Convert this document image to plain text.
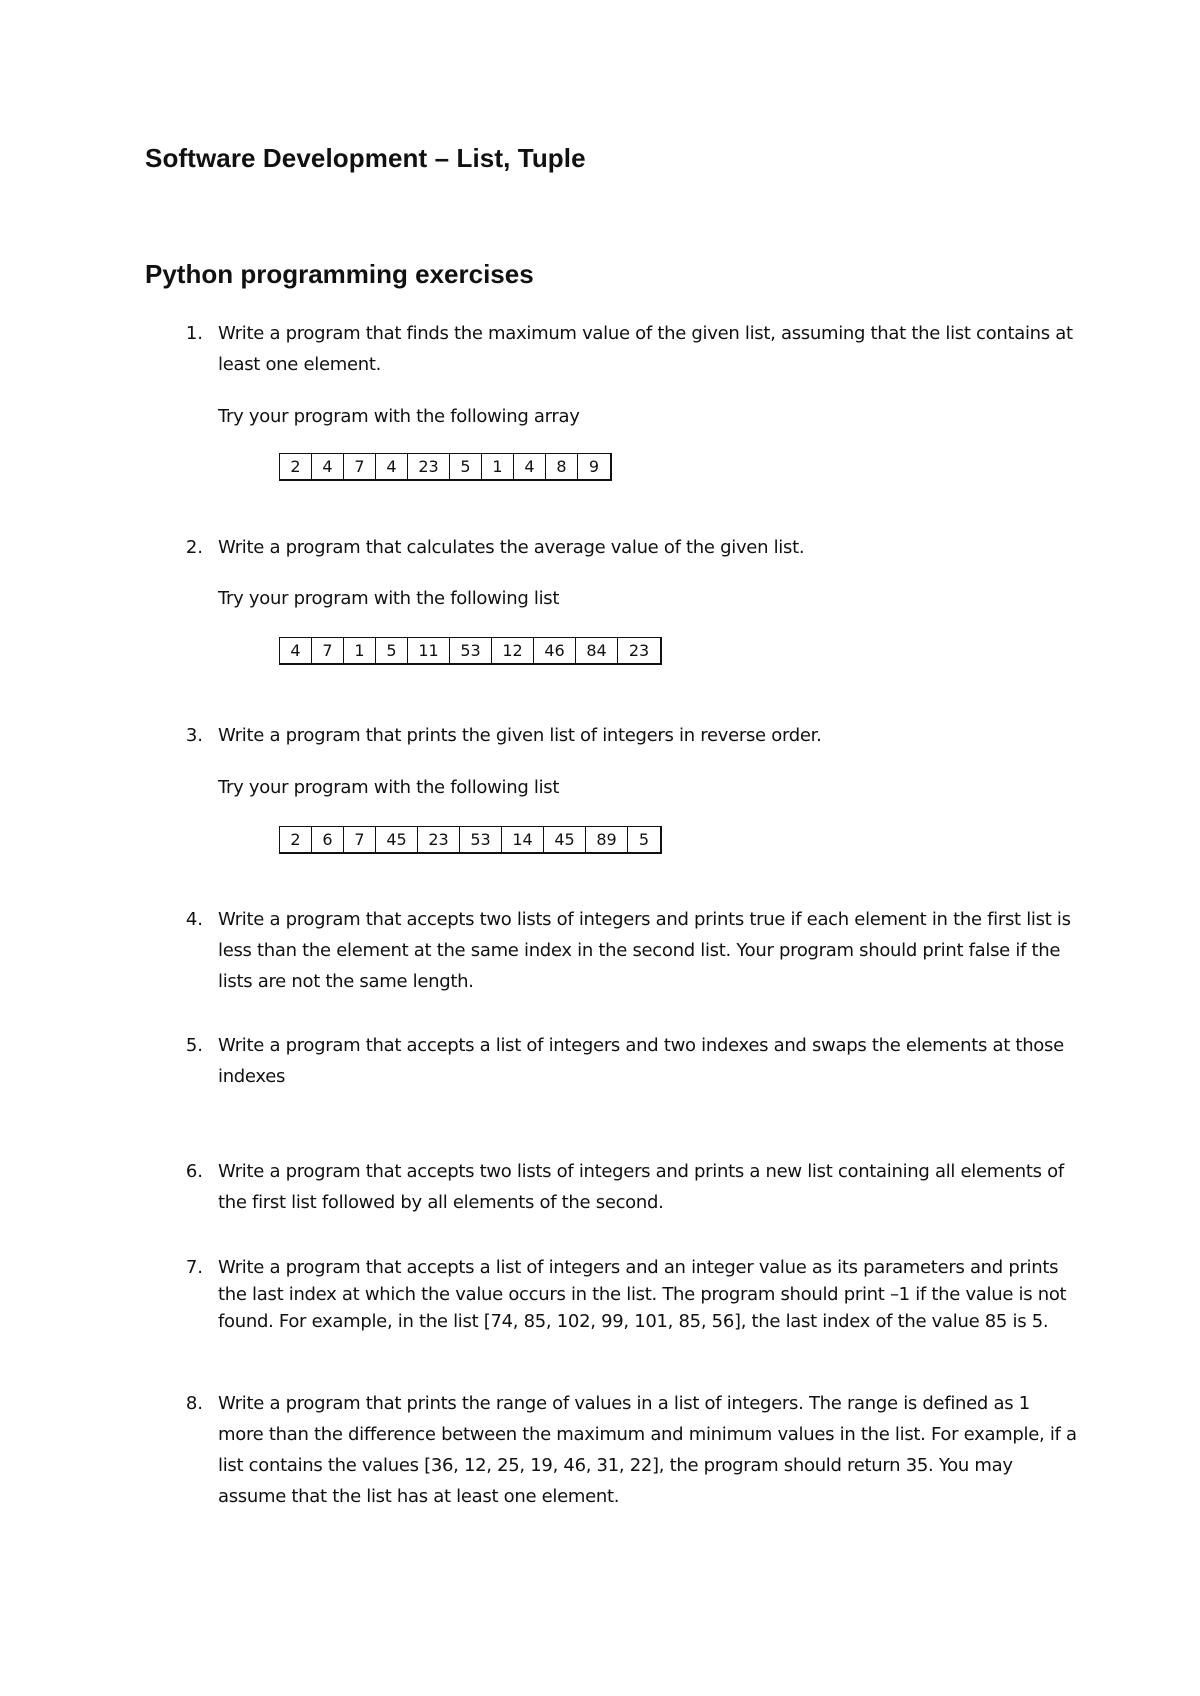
Software Development – List, Tuple
Python programming exercises
1. Write a program that finds the maximum value of the given list, assuming that the list contains at least one element.
Try your program with the following array
2	4	7	4	23	5	1	4	8	9
2. Write a program that calculates the average value of the given list.
Try your program with the following list
4	7	1	5	11	53	12	46	84	23
3. Write a program that prints the given list of integers in reverse order.
Try your program with the following list
2	6	7	45	23	53	14	45	89	5
4. Write a program that accepts two lists of integers and prints true if each element in the first list is less than the element at the same index in the second list. Your program should print false if the lists are not the same length.
5. Write a program that accepts a list of integers and two indexes and swaps the elements at those indexes
6. Write a program that accepts two lists of integers and prints a new list containing all elements of the first list followed by all elements of the second.
7. Write a program that accepts a list of integers and an integer value as its parameters and prints the last index at which the value occurs in the list. The program should print –1 if the value is not found. For example, in the list [74, 85, 102, 99, 101, 85, 56], the last index of the value 85 is 5.
8. Write a program that prints the range of values in a list of integers. The range is defined as 1 more than the difference between the maximum and minimum values in the list. For example, if a list contains the values [36, 12, 25, 19, 46, 31, 22], the program should return 35. You may assume that the list has at least one element.
